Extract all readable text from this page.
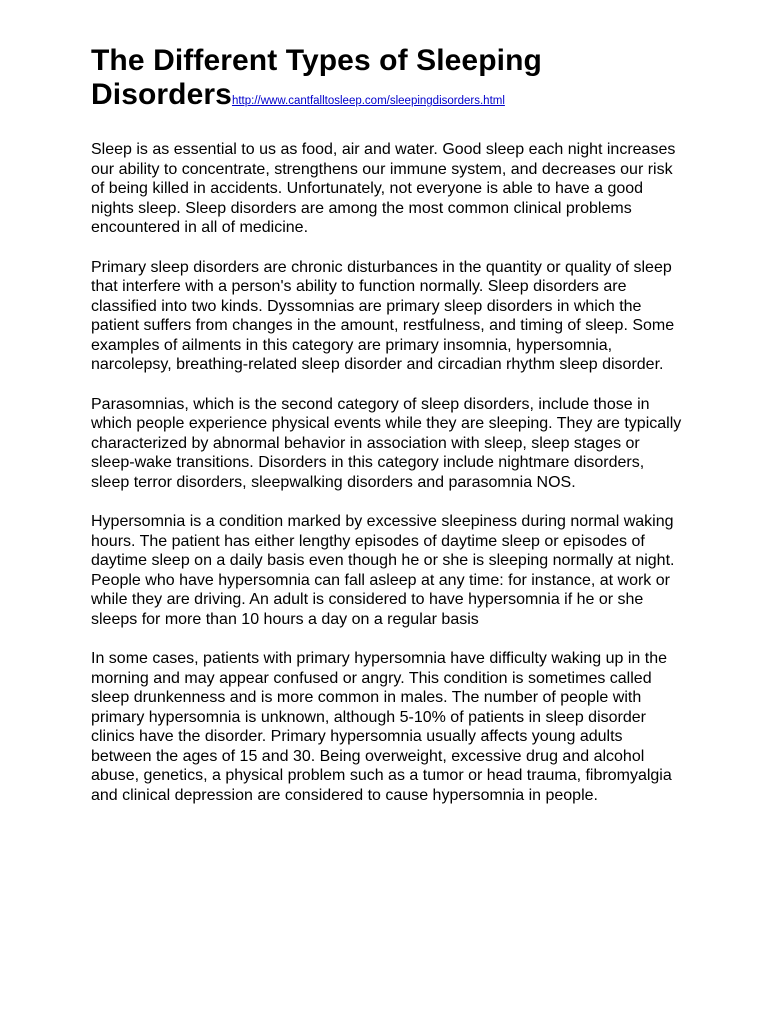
The Different Types of Sleeping
Disordershttp://www.cantfalltosleep.com/sleepingdisorders.html

Sleep is as essential to us as food, air and water. Good sleep each night increases our ability to concentrate, strengthens our immune system, and decreases our risk of being killed in accidents. Unfortunately, not everyone is able to have a good nights sleep. Sleep disorders are among the most common clinical problems encountered in all of medicine.

Primary sleep disorders are chronic disturbances in the quantity or quality of sleep that interfere with a person's ability to function normally. Sleep disorders are classified into two kinds. Dyssomnias are primary sleep disorders in which the patient suffers from changes in the amount, restfulness, and timing of sleep. Some examples of ailments in this category are primary insomnia, hypersomnia, narcolepsy, breathing-related sleep disorder and circadian rhythm sleep disorder.

Parasomnias, which is the second category of sleep disorders, include those in which people experience physical events while they are sleeping. They are typically characterized by abnormal behavior in association with sleep, sleep stages or sleep-wake transitions. Disorders in this category include nightmare disorders, sleep terror disorders, sleepwalking disorders and parasomnia NOS.

Hypersomnia is a condition marked by excessive sleepiness during normal waking hours. The patient has either lengthy episodes of daytime sleep or episodes of daytime sleep on a daily basis even though he or she is sleeping normally at night. People who have hypersomnia can fall asleep at any time: for instance, at work or while they are driving. An adult is considered to have hypersomnia if he or she sleeps for more than 10 hours a day on a regular basis

In some cases, patients with primary hypersomnia have difficulty waking up in the morning and may appear confused or angry. This condition is sometimes called sleep drunkenness and is more common in males. The number of people with primary hypersomnia is unknown, although 5-10% of patients in sleep disorder clinics have the disorder. Primary hypersomnia usually affects young adults between the ages of 15 and 30. Being overweight, excessive drug and alcohol abuse, genetics, a physical problem such as a tumor or head trauma, fibromyalgia and clinical depression are considered to cause hypersomnia in people.
